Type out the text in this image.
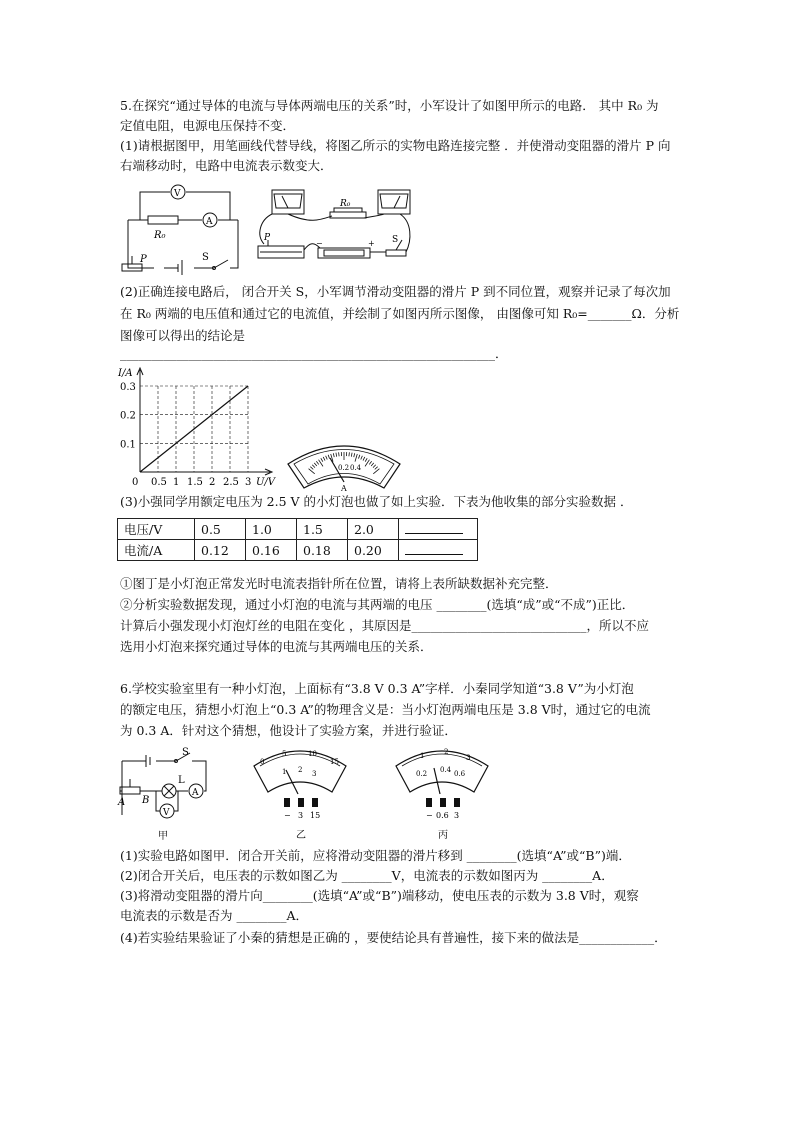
5.在探究“通过导体的电流与导体两端电压的关系”时，小军设计了如图甲所示的电路． 其中 R₀ 为
定值电阻，电源电压保持不变．
(1)请根据图甲，用笔画线代替导线，将图乙所示的实物电路连接完整 ．并使滑动变阻器的滑片 P 向
右端移动时，电路中电流表示数变大．
V
A
R₀
P	S
R₀
P	S
−	+
(2)正确连接电路后， 闭合开关 S，小军调节滑动变阻器的滑片 P 到不同位置，观察并记录了每次加
在 R₀ 两端的电压值和通过它的电流值，并绘制了如图丙所示图像， 由图像可知 R₀=_______Ω．分析
图像可以得出的结论是
____________________________________________________________．
0.5 1 1.5 2 2.5 3
0.1
0.2
0.3
I/A
U/V
0
0.2 0.4
A
(3)小强同学用额定电压为 2.5 V 的小灯泡也做了如上实验．下表为他收集的部分实验数据 ．
电压/V	0.5	1.0	1.5	2.0	
电流/A	0.12	0.16	0.18	0.20	
①图丁是小灯泡正常发光时电流表指针所在位置，请将上表所缺数据补充完整．
②分析实验数据发现，通过小灯泡的电流与其两端的电压 ________(选填“成”或“不成”)正比．
计算后小强发现小灯泡灯丝的电阻在变化 ，其原因是____________________________，所以不应
选用小灯泡来探究通过导体的电流与其两端电压的关系．
6.学校实验室里有一种小灯泡，上面标有“3.8 V 0.3 A”字样．小秦同学知道“3.8 V”为小灯泡
的额定电压，猜想小灯泡上“0.3 A”的物理含义是：当小灯泡两端电压是 3.8 V时，通过它的电流
为 0.3 A．针对这个猜想，他设计了实验方案，并进行验证．
S
L
A
V
A B
甲
0
5	10
15
1 2 3
− 3 15
乙
1	2
3
0.2 0.4 0.6
− 0.6 3
丙
(1)实验电路如图甲．闭合开关前，应将滑动变阻器的滑片移到 ________(选填“A”或“B”)端．
(2)闭合开关后，电压表的示数如图乙为 ________V，电流表的示数如图丙为 ________A．
(3)将滑动变阻器的滑片向________(选填“A”或“B”)端移动，使电压表的示数为 3.8 V时，观察
电流表的示数是否为 ________A．
(4)若实验结果验证了小秦的猜想是正确的 ，要使结论具有普遍性，接下来的做法是____________．
